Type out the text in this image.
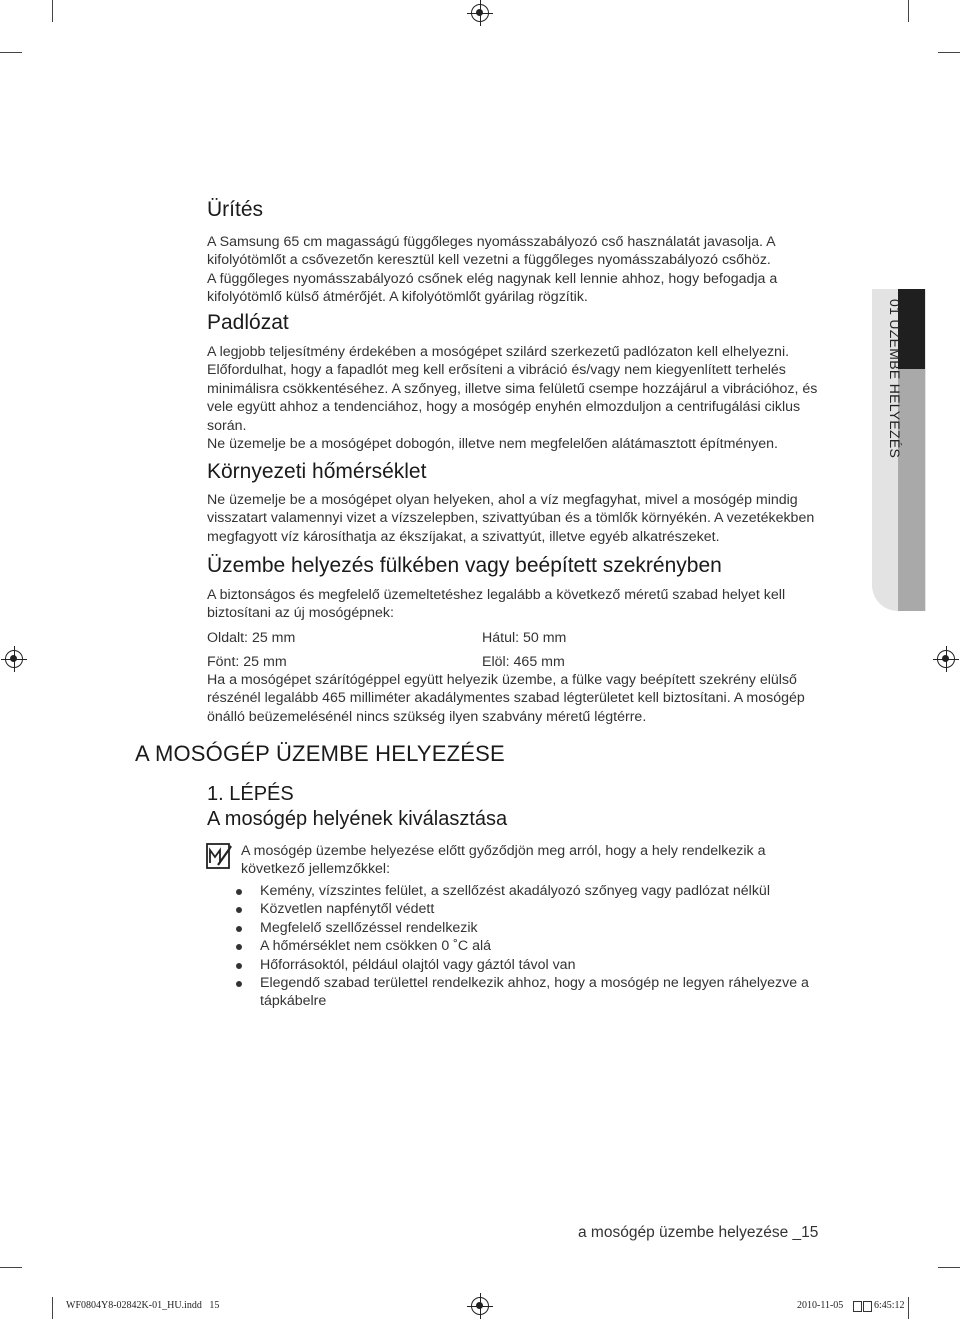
01 ÜZEMBE HELYEZÉS
Ürítés

A Samsung 65 cm magasságú függőleges nyomásszabályozó cső használatát javasolja. A

kifolyótömlőt a csővezetőn keresztül kell vezetni a függőleges nyomásszabályozó csőhöz.

A függőleges nyomásszabályozó csőnek elég nagynak kell lennie ahhoz, hogy befogadja a

kifolyótömlő külső átmérőjét. A kifolyótömlőt gyárilag rögzítik.

Padlózat

A legjobb teljesítmény érdekében a mosógépet szilárd szerkezetű padlózaton kell elhelyezni.

Előfordulhat, hogy a fapadlót meg kell erősíteni a vibráció és/vagy nem kiegyenlített terhelés

minimálisra csökkentéséhez. A szőnyeg, illetve sima felületű csempe hozzájárul a vibrációhoz, és

vele együtt ahhoz a tendenciához, hogy a mosógép enyhén elmozduljon a centrifugálási ciklus

során.

Ne üzemelje be a mosógépet dobogón, illetve nem megfelelően alátámasztott építményen.

Környezeti hőmérséklet

Ne üzemelje be a mosógépet olyan helyeken, ahol a víz megfagyhat, mivel a mosógép mindig

visszatart valamennyi vizet a vízszelepben, szivattyúban és a tömlők környékén. A vezetékekben

megfagyott víz károsíthatja az ékszíjakat, a szivattyút, illetve egyéb alkatrészeket.

Üzembe helyezés fülkében vagy beépített szekrényben

A biztonságos és megfelelő üzemeltetéshez legalább a következő méretű szabad helyet kell

biztosítani az új mosógépnek:

Oldalt: 25 mm	Hátul: 50 mm

Fönt: 25 mm	Elöl: 465 mm

Ha a mosógépet szárítógéppel együtt helyezik üzembe, a fülke vagy beépített szekrény elülső

részénél legalább 465 milliméter akadálymentes szabad légterületet kell biztosítani. A mosógép

önálló beüzemelésénél nincs szükség ilyen szabvány méretű légtérre.

A MOSÓGÉP ÜZEMBE HELYEZÉSE
1. LÉPÉS
A mosógép helyének kiválasztása

A mosógép üzembe helyezése előtt győződjön meg arról, hogy a hely rendelkezik a

következő jellemzőkkel:

Kemény, vízszintes felület, a szellőzést akadályozó szőnyeg vagy padlózat nélkül
Közvetlen napfénytől védett
Megfelelő szellőzéssel rendelkezik
A hőmérséklet nem csökken 0 ˚C alá
Hőforrásoktól, például olajtól vagy gáztól távol van
Elegendő szabad területtel rendelkezik ahhoz, hogy a mosógép ne legyen ráhelyezve a

tápkábelre

a mosógép üzembe helyezése _15

WF0804Y8-02842K-01_HU.indd   15	2010-11-05	6:45:12
